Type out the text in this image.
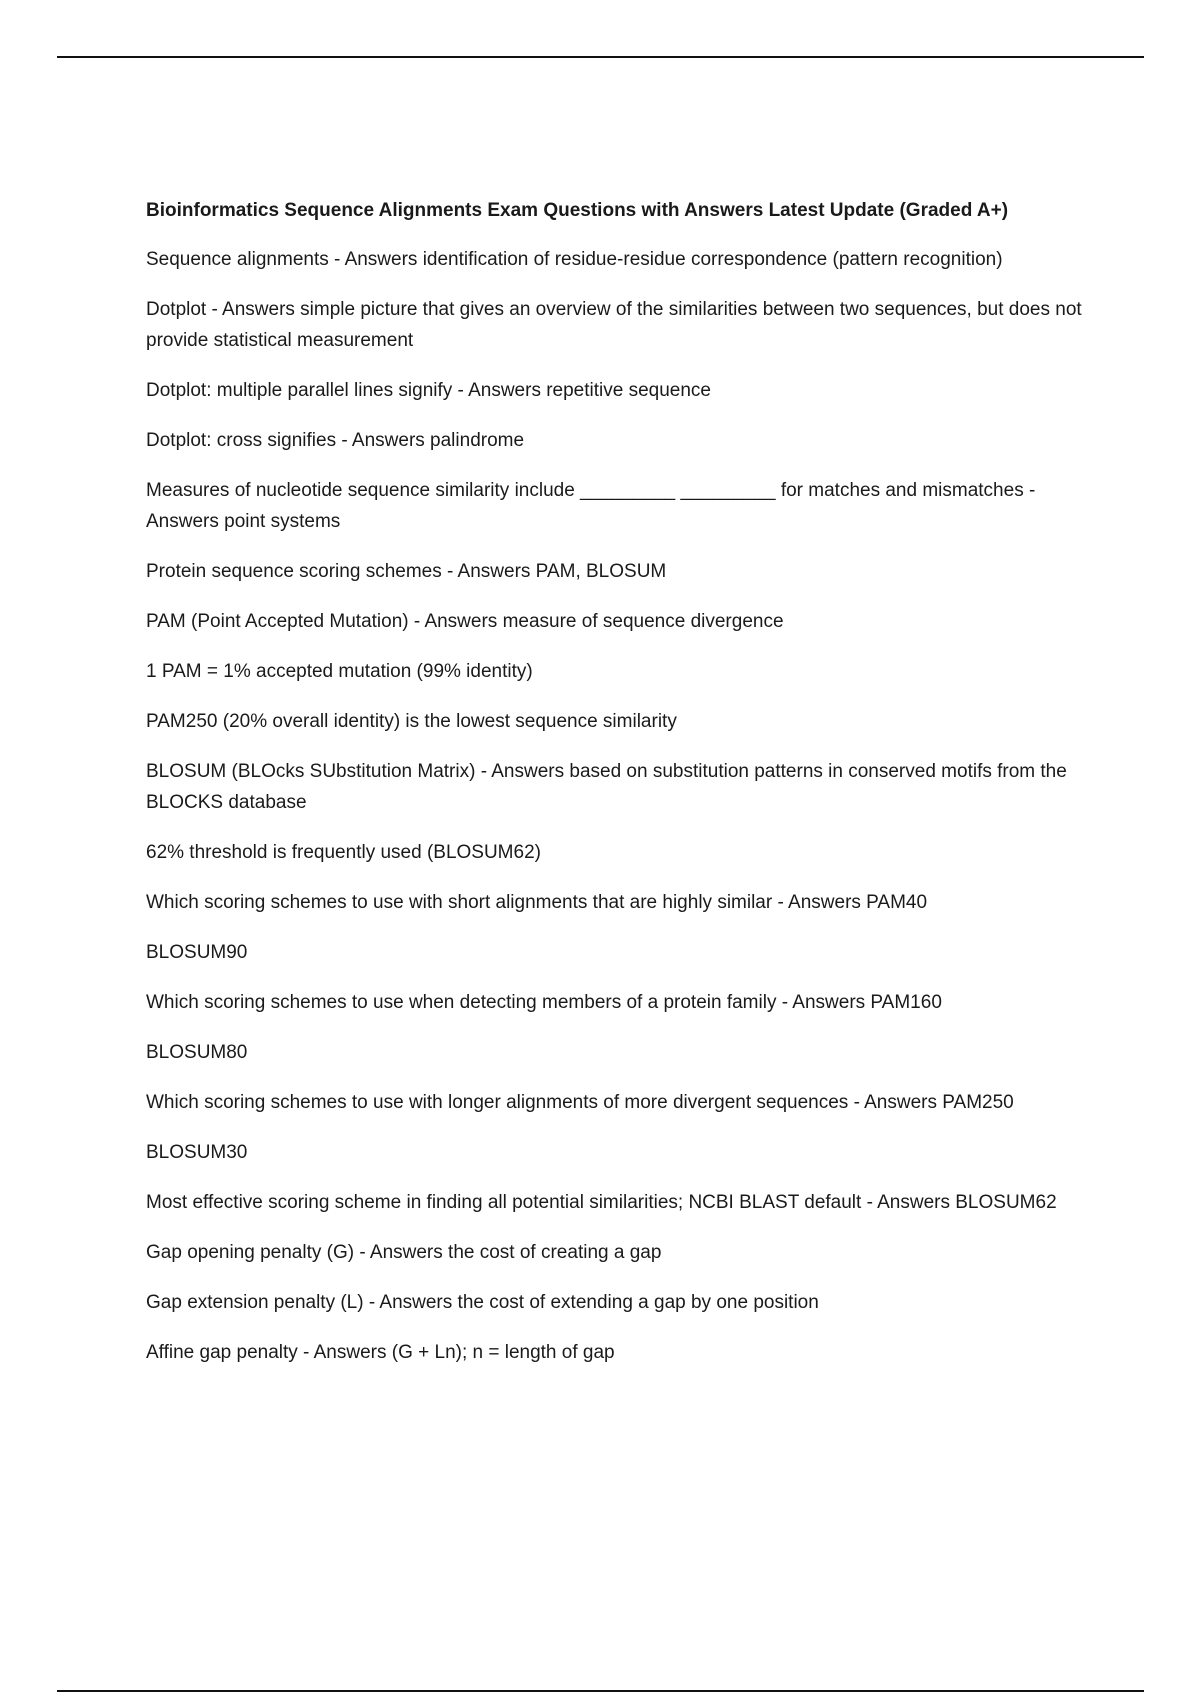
Bioinformatics Sequence Alignments Exam Questions with Answers Latest Update (Graded A+)

Sequence alignments - Answers identification of residue-residue correspondence (pattern recognition)

Dotplot - Answers simple picture that gives an overview of the similarities between two sequences, but does not provide statistical measurement

Dotplot: multiple parallel lines signify - Answers repetitive sequence

Dotplot: cross signifies - Answers palindrome

Measures of nucleotide sequence similarity include _________ _________ for matches and mismatches - Answers point systems

Protein sequence scoring schemes - Answers PAM, BLOSUM

PAM (Point Accepted Mutation) - Answers measure of sequence divergence

1 PAM = 1% accepted mutation (99% identity)

PAM250 (20% overall identity) is the lowest sequence similarity

BLOSUM (BLOcks SUbstitution Matrix) - Answers based on substitution patterns in conserved motifs from the BLOCKS database

62% threshold is frequently used (BLOSUM62)

Which scoring schemes to use with short alignments that are highly similar - Answers PAM40

BLOSUM90

Which scoring schemes to use when detecting members of a protein family - Answers PAM160

BLOSUM80

Which scoring schemes to use with longer alignments of more divergent sequences - Answers PAM250

BLOSUM30

Most effective scoring scheme in finding all potential similarities; NCBI BLAST default - Answers BLOSUM62

Gap opening penalty (G) - Answers the cost of creating a gap

Gap extension penalty (L) - Answers the cost of extending a gap by one position

Affine gap penalty - Answers (G + Ln); n = length of gap
